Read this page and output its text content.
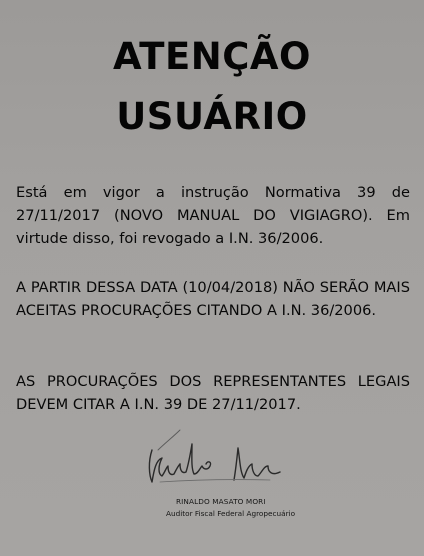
ATENÇÃO
USUÁRIO
Está em vigor a instrução Normativa 39 de 27/11/2017 (NOVO MANUAL DO VIGIAGRO). Em virtude disso, foi revogado a I.N. 36/2006.
A PARTIR DESSA DATA (10/04/2018) NÃO SERÃO MAIS ACEITAS PROCURAÇÕES CITANDO A I.N. 36/2006.
AS PROCURAÇÕES DOS REPRESENTANTES LEGAIS DEVEM CITAR A I.N. 39 DE 27/11/2017.
RINALDO MASATO MORI
Auditor Fiscal Federal Agropecuário
